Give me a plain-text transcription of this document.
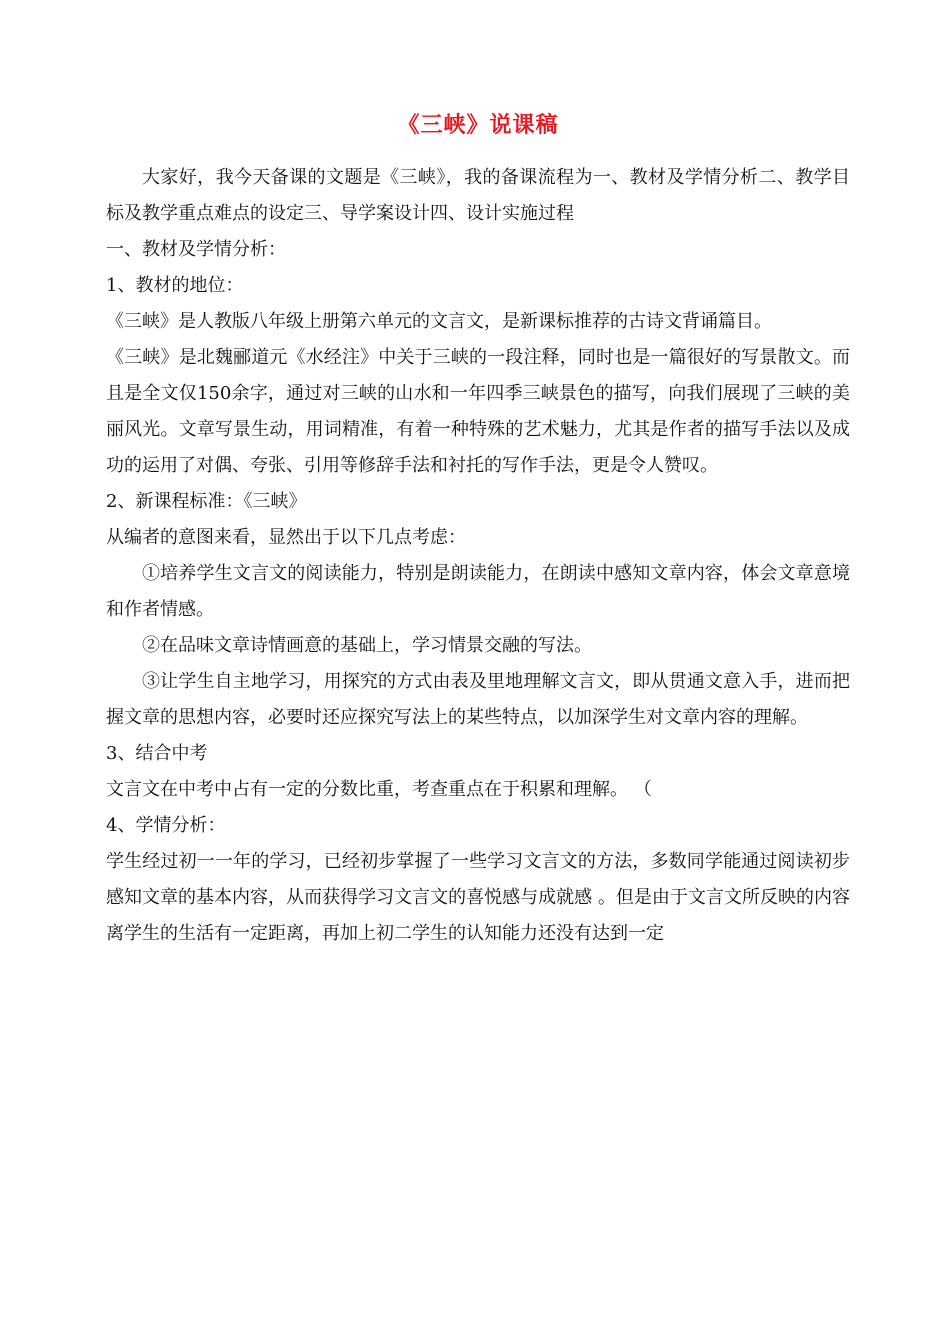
《三峡》说课稿

大家好，我今天备课的文题是《三峡》，我的备课流程为一、教材及学情分析二、教学目标及教学重点难点的设定三、导学案设计四、设计实施过程

一、教材及学情分析：

1、教材的地位：

《三峡》是人教版八年级上册第六单元的文言文，是新课标推荐的古诗文背诵篇目。

《三峡》是北魏郦道元《水经注》中关于三峡的一段注释，同时也是一篇很好的写景散文。而且是全文仅150余字，通过对三峡的山水和一年四季三峡景色的描写，向我们展现了三峡的美丽风光。文章写景生动，用词精准，有着一种特殊的艺术魅力，尤其是作者的描写手法以及成功的运用了对偶、夸张、引用等修辞手法和衬托的写作手法，更是令人赞叹。

2、新课程标准：《三峡》

从编者的意图来看，显然出于以下几点考虑：

①培养学生文言文的阅读能力，特别是朗读能力，在朗读中感知文章内容，体会文章意境和作者情感。

②在品味文章诗情画意的基础上，学习情景交融的写法。

③让学生自主地学习，用探究的方式由表及里地理解文言文，即从贯通文意入手，进而把握文章的思想内容，必要时还应探究写法上的某些特点，以加深学生对文章内容的理解。

3、结合中考

文言文在中考中占有一定的分数比重，考查重点在于积累和理解。 （

4、学情分析：

学生经过初一一年的学习，已经初步掌握了一些学习文言文的方法，多数同学能通过阅读初步感知文章的基本内容，从而获得学习文言文的喜悦感与成就感 。但是由于文言文所反映的内容离学生的生活有一定距离，再加上初二学生的认知能力还没有达到一定
